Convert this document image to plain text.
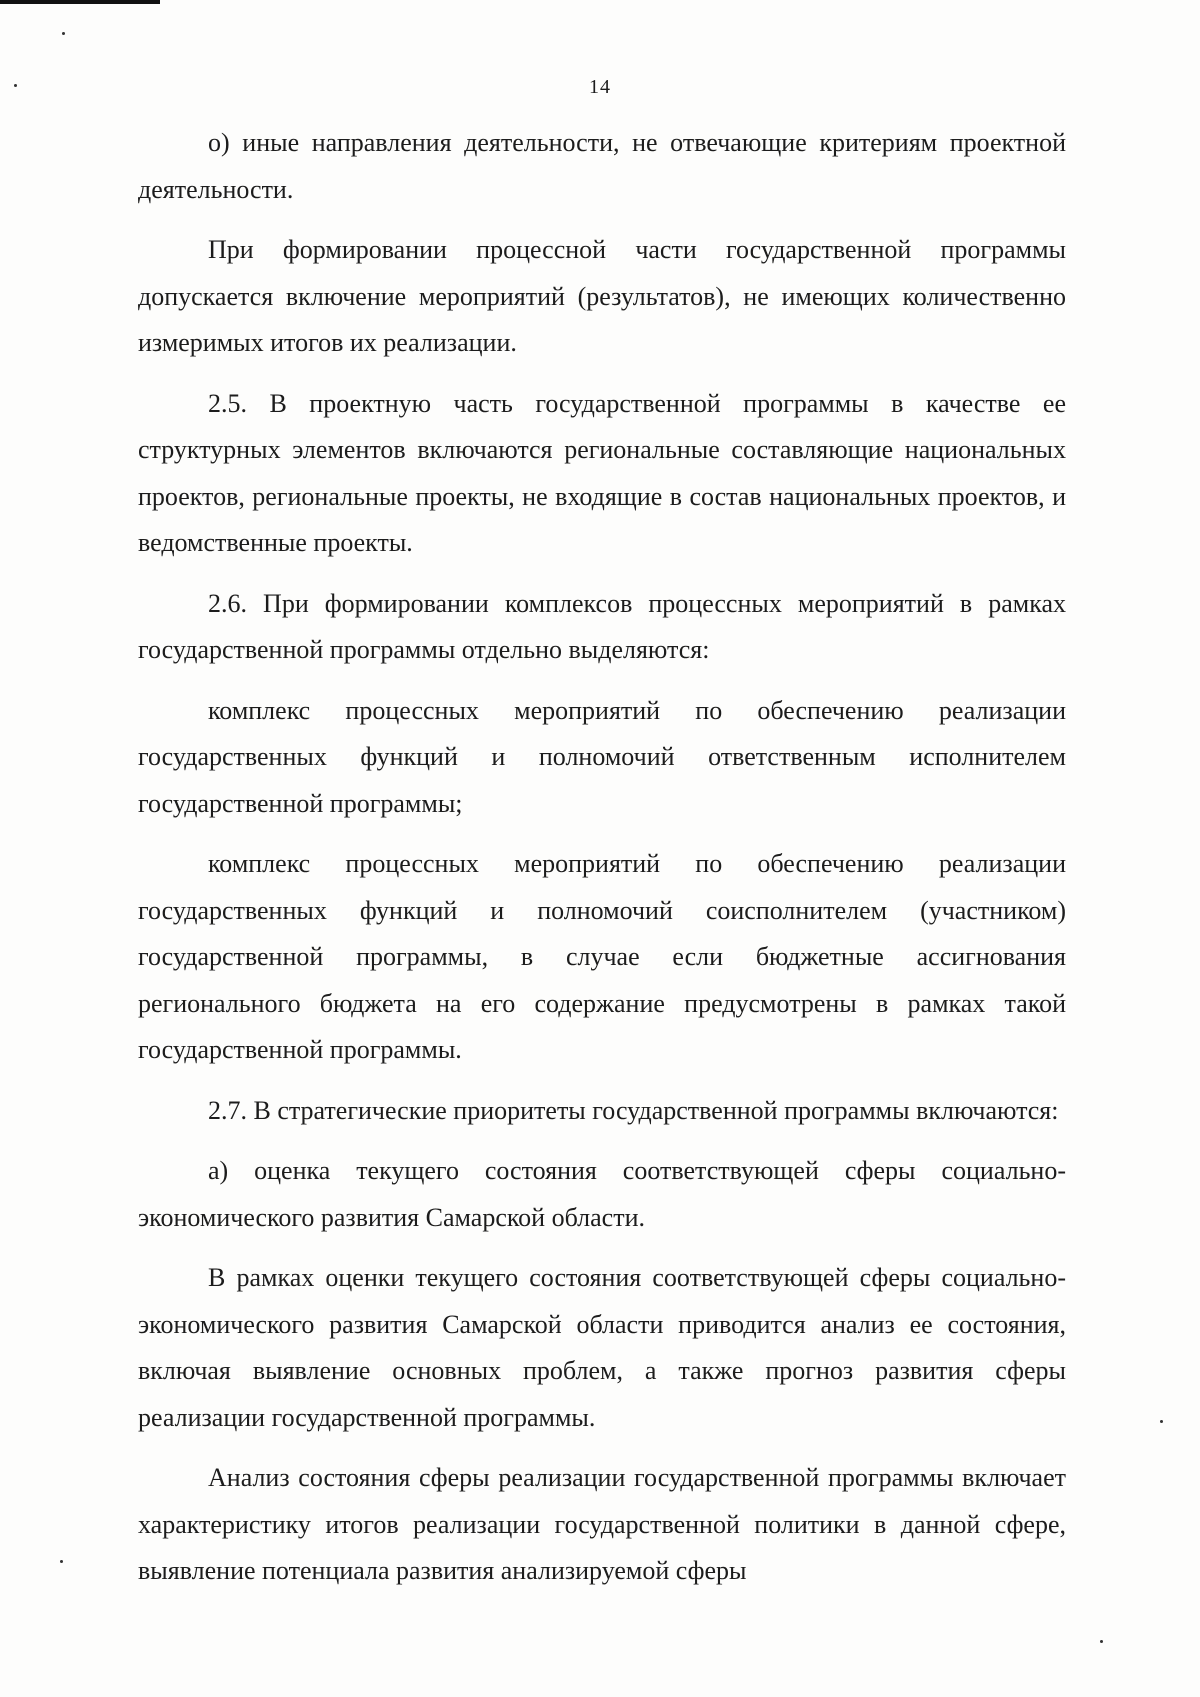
14

о) иные направления деятельности, не отвечающие критериям проектной деятельности.

При формировании процессной части государственной программы допускается включение мероприятий (результатов), не имеющих количественно измеримых итогов их реализации.

2.5. В проектную часть государственной программы в качестве ее структурных элементов включаются региональные составляющие национальных проектов, региональные проекты, не входящие в состав национальных проектов, и ведомственные проекты.

2.6. При формировании комплексов процессных мероприятий в рамках государственной программы отдельно выделяются:

комплекс процессных мероприятий по обеспечению реализации государственных функций и полномочий ответственным исполнителем государственной программы;

комплекс процессных мероприятий по обеспечению реализации государственных функций и полномочий соисполнителем (участником) государственной программы, в случае если бюджетные ассигнования регионального бюджета на его содержание предусмотрены в рамках такой государственной программы.

2.7. В стратегические приоритеты государственной программы включаются:

а) оценка текущего состояния соответствующей сферы социально-экономического развития Самарской области.

В рамках оценки текущего состояния соответствующей сферы социально-экономического развития Самарской области приводится анализ ее состояния, включая выявление основных проблем, а также прогноз развития сферы реализации государственной программы.

Анализ состояния сферы реализации государственной программы включает характеристику итогов реализации государственной политики в данной сфере, выявление потенциала развития анализируемой сферы
